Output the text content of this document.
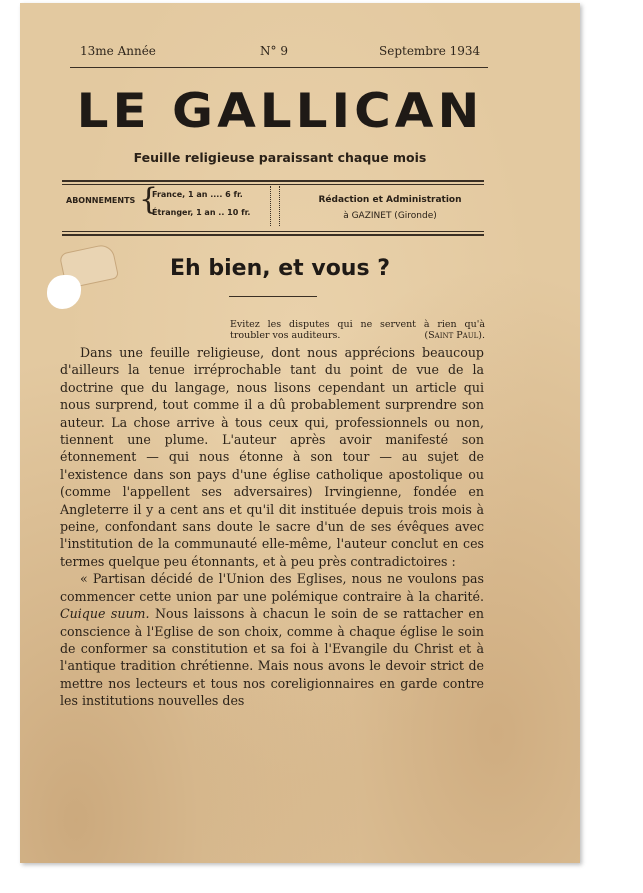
13me Année	N° 9	Septembre 1934
LE GALLICAN
Feuille religieuse paraissant chaque mois
ABONNEMENTS {
France, 1 an .... 6 fr.
Étranger, 1 an .. 10 fr.
Rédaction et Administration
à GAZINET (Gironde)
Eh bien, et vous ?
Evitez les disputes qui ne servent à rien qu'à troubler vos auditeurs.	(Saint Paul).

Dans une feuille religieuse, dont nous apprécions beaucoup d'ailleurs la tenue irréprochable tant du point de vue de la doctrine que du langage, nous lisons cependant un article qui nous surprend, tout comme il a dû probablement surprendre son auteur. La chose arrive à tous ceux qui, professionnels ou non, tiennent une plume. L'auteur après avoir manifesté son étonnement — qui nous étonne à son tour — au sujet de l'existence dans son pays d'une église catholique apostolique ou (comme l'appellent ses adversaires) Irvingienne, fondée en Angleterre il y a cent ans et qu'il dit instituée depuis trois mois à peine, confondant sans doute le sacre d'un de ses évêques avec l'institution de la communauté elle-même, l'auteur conclut en ces termes quelque peu étonnants, et à peu près contradictoires :

« Partisan décidé de l'Union des Eglises, nous ne voulons pas commencer cette union par une polémique contraire à la charité. Cuique suum. Nous laissons à chacun le soin de se rattacher en conscience à l'Eglise de son choix, comme à chaque église le soin de conformer sa constitution et sa foi à l'Evangile du Christ et à l'antique tradition chrétienne. Mais nous avons le devoir strict de mettre nos lecteurs et tous nos coreligionnaires en garde contre les institutions nouvelles des
